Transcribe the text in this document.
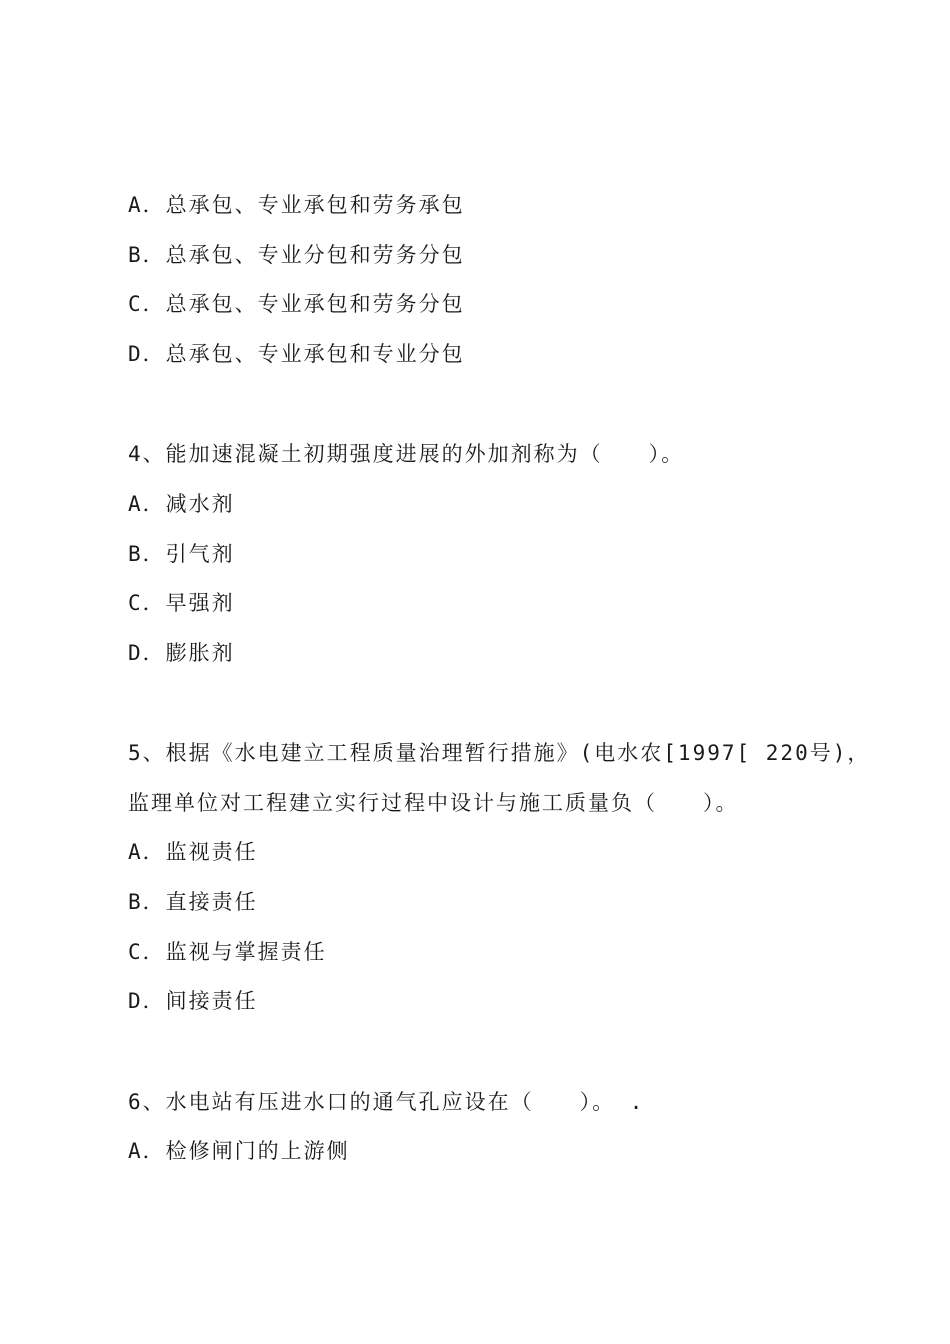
A．总承包、专业承包和劳务承包
B．总承包、专业分包和劳务分包
C．总承包、专业承包和劳务分包
D．总承包、专业承包和专业分包
4、能加速混凝土初期强度进展的外加剂称为（　　）。
A．减水剂
B．引气剂
C．早强剂
D．膨胀剂
5、根据《水电建立工程质量治理暂行措施》(电水农[1997[ 220号)，
监理单位对工程建立实行过程中设计与施工质量负（　　）。
A．监视责任
B．直接责任
C．监视与掌握责任
D．间接责任
6、水电站有压进水口的通气孔应设在（　　）。 .
A．检修闸门的上游侧
